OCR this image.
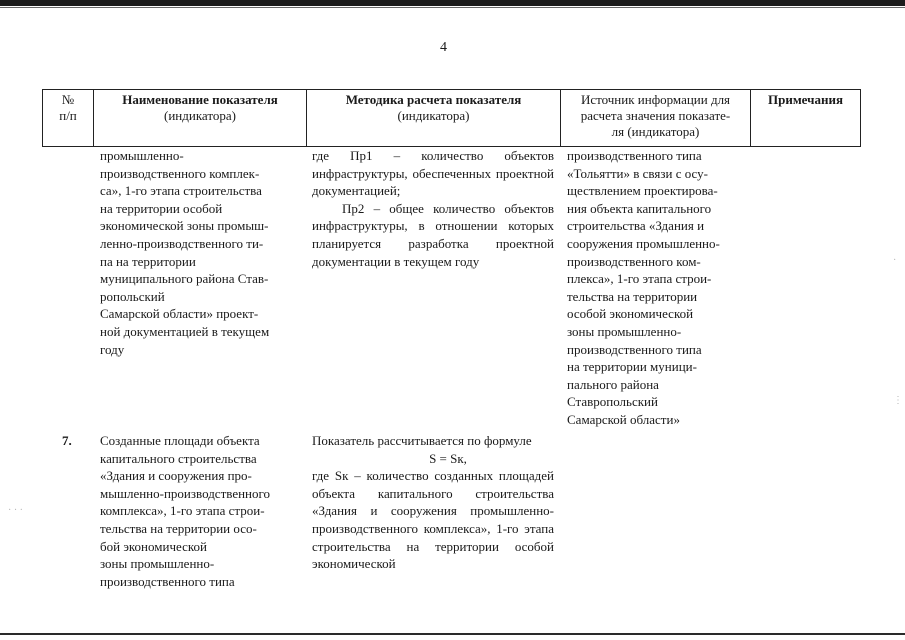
4
№
п/п
Наименование показателя
(индикатора)
Методика расчета показателя
(индикатора)
Источник информации для
расчета значения показате-
ля (индикатора)
Примечания
промышленно-
производственного комплек-
са», 1-го этапа строительства
на территории особой
экономической зоны промыш-
ленно-производственного ти-
па на территории
муниципального района Став-
ропольский
Самарской области» проект-
ной документацией в текущем
году
где Пр1 – количество объектов инфраструктуры, обеспеченных проектной документацией;
Пр2 – общее количество объектов инфраструктуры, в отношении которых планируется разработка проектной документации в текущем году
производственного типа
«Тольятти» в связи с осу-
ществлением проектирова-
ния объекта капитального
строительства «Здания и
сооружения промышленно-
производственного ком-
плекса», 1-го этапа строи-
тельства на территории
особой экономической
зоны промышленно-
производственного типа
на территории муници-
пального района
Ставропольский
Самарской области»
7.	Созданные площади объекта
капитального строительства
«Здания и сооружения про-
мышленно-производственного
комплекса», 1-го этапа строи-
тельства на территории осо-
бой экономической
зоны промышленно-
производственного типа
Показатель рассчитывается по формуле
S = Sк,
где Sк – количество созданных площадей объекта капитального строительства «Здания и сооружения промышленно-производственного комплекса», 1-го этапа строительства на территории особой экономической
·
⋮
· · ·
